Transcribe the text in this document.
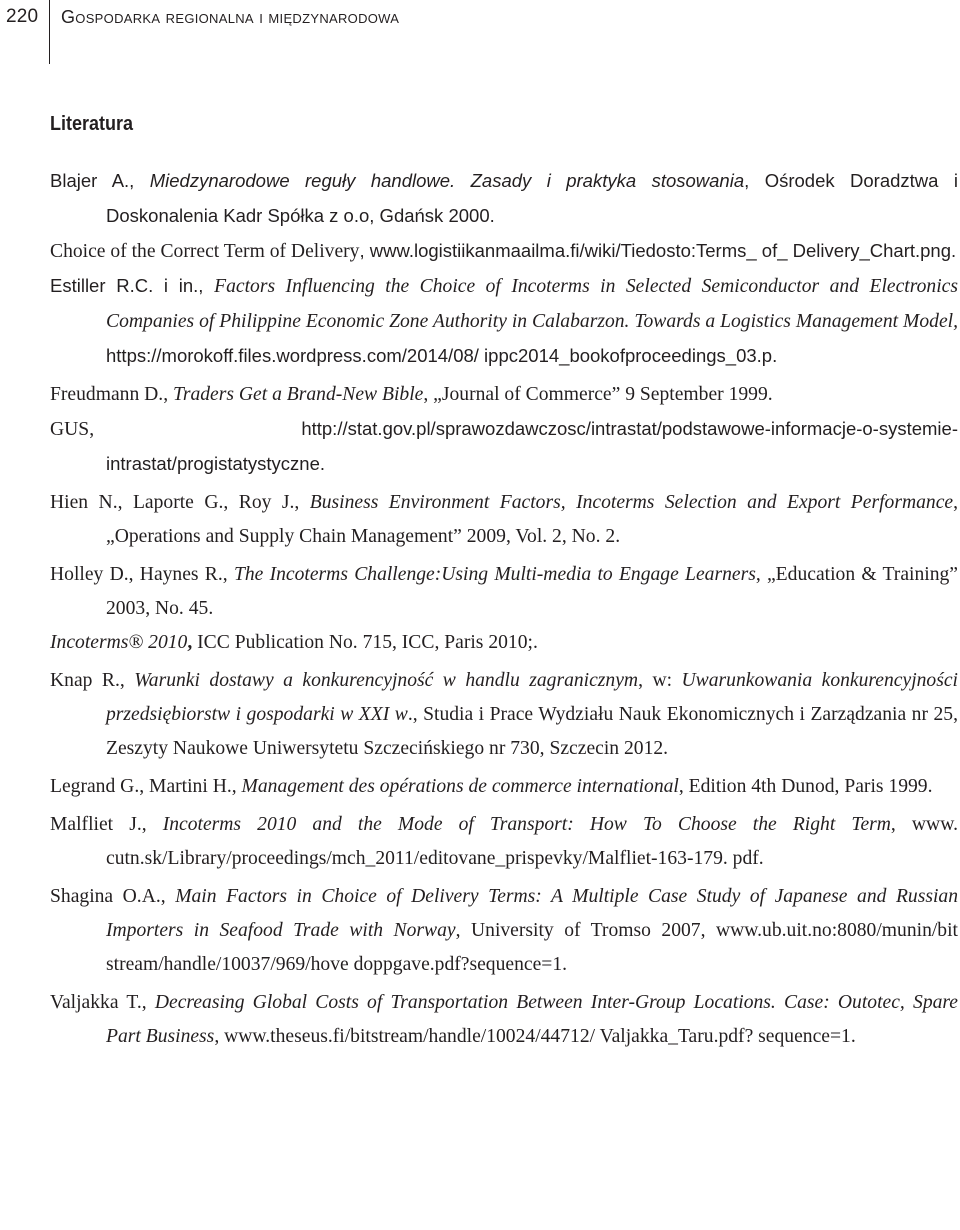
220 Gospodarka regionalna i międzynarodowa
Literatura
Blajer A., Miedzynarodowe reguły handlowe. Zasady i praktyka stosowania, Ośrodek Doradztwa i Doskonalenia Kadr Spółka z o.o, Gdańsk 2000.
Choice of the Correct Term of Delivery, www.logistiikanmaailma.fi/wiki/Tiedosto:Terms_ of_ Delivery_Chart.png.
Estiller R.C. i in., Factors Influencing the Choice of Incoterms in Selected Semiconductor and Electronics Companies of Philippine Economic Zone Authority in Calabarzon. Towards a Logistics Management Model, https://morokoff.files.wordpress.com/2014/08/ ippc2014_bookofproceedings_03.p.
Freudmann D., Traders Get a Brand-New Bible, „Journal of Commerce” 9 September 1999.
GUS, http://stat.gov.pl/sprawozdawczosc/intrastat/podstawowe-informacje-o-systemie-intrastat/progistatystyczne.
Hien N., Laporte G., Roy J., Business Environment Factors, Incoterms Selection and Export Performance, „Operations and Supply Chain Management” 2009, Vol. 2, No. 2.
Holley D., Haynes R., The Incoterms Challenge:Using Multi-media to Engage Learners, „Education & Training” 2003, No. 45.
Incoterms® 2010, ICC Publication No. 715, ICC, Paris 2010;.
Knap R., Warunki dostawy a konkurencyjność w handlu zagranicznym, w: Uwarunkowania konkurencyjności przedsiębiorstw i gospodarki w XXI w., Studia i Prace Wydziału Nauk Ekonomicznych i Zarządzania nr 25, Zeszyty Naukowe Uniwersytetu Szczecińskiego nr 730, Szczecin 2012.
Legrand G., Martini H., Management des opérations de commerce international, Edition 4th Dunod, Paris 1999.
Malfliet J., Incoterms 2010 and the Mode of Transport: How To Choose the Right Term, www. cutn.sk/Library/proceedings/mch_2011/editovane_prispevky/Malfliet-163-179. pdf.
Shagina O.A., Main Factors in Choice of Delivery Terms: A Multiple Case Study of Japanese and Russian Importers in Seafood Trade with Norway, University of Tromso 2007, www.ub.uit.no:8080/munin/bit stream/handle/10037/969/hove doppgave.pdf?sequence=1.
Valjakka T., Decreasing Global Costs of Transportation Between Inter-Group Locations. Case: Outotec, Spare Part Business, www.theseus.fi/bitstream/handle/10024/44712/ Valjakka_Taru.pdf? sequence=1.
